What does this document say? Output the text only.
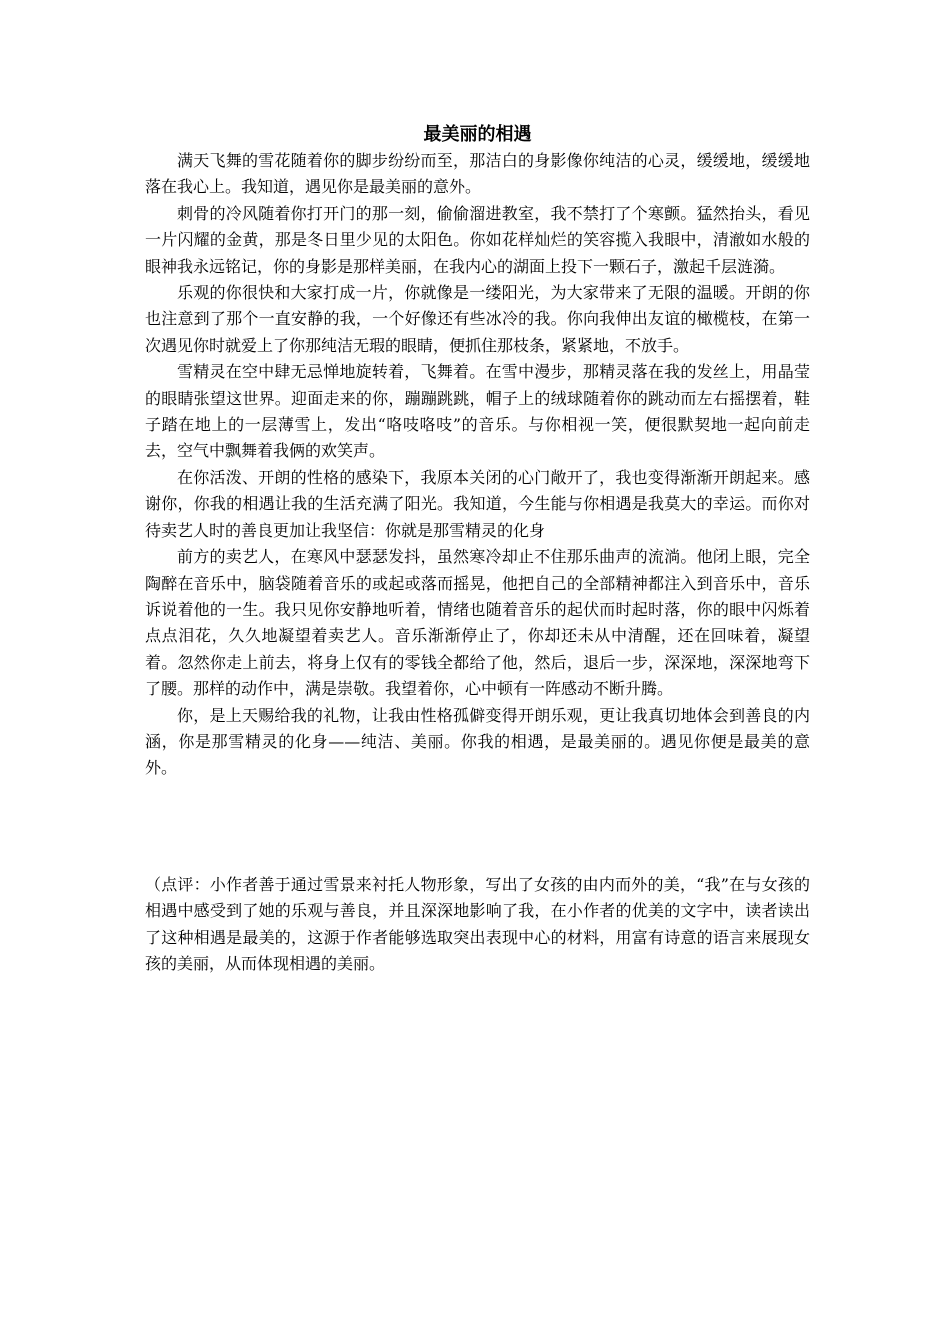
最美丽的相遇

满天飞舞的雪花随着你的脚步纷纷而至，那洁白的身影像你纯洁的心灵，缓缓地，缓缓地落在我心上。我知道，遇见你是最美丽的意外。

刺骨的冷风随着你打开门的那一刻，偷偷溜进教室，我不禁打了个寒颤。猛然抬头，看见一片闪耀的金黄，那是冬日里少见的太阳色。你如花样灿烂的笑容揽入我眼中，清澈如水般的眼神我永远铭记，你的身影是那样美丽，在我内心的湖面上投下一颗石子，激起千层涟漪。

乐观的你很快和大家打成一片，你就像是一缕阳光，为大家带来了无限的温暖。开朗的你也注意到了那个一直安静的我，一个好像还有些冰冷的我。你向我伸出友谊的橄榄枝，在第一次遇见你时就爱上了你那纯洁无瑕的眼睛，便抓住那枝条，紧紧地，不放手。

雪精灵在空中肆无忌惮地旋转着，飞舞着。在雪中漫步，那精灵落在我的发丝上，用晶莹的眼睛张望这世界。迎面走来的你，蹦蹦跳跳，帽子上的绒球随着你的跳动而左右摇摆着，鞋子踏在地上的一层薄雪上，发出“咯吱咯吱”的音乐。与你相视一笑，便很默契地一起向前走去，空气中飘舞着我俩的欢笑声。

在你活泼、开朗的性格的感染下，我原本关闭的心门敞开了，我也变得渐渐开朗起来。感谢你，你我的相遇让我的生活充满了阳光。我知道，今生能与你相遇是我莫大的幸运。而你对待卖艺人时的善良更加让我坚信：你就是那雪精灵的化身

前方的卖艺人，在寒风中瑟瑟发抖，虽然寒冷却止不住那乐曲声的流淌。他闭上眼，完全陶醉在音乐中，脑袋随着音乐的或起或落而摇晃，他把自己的全部精神都注入到音乐中，音乐诉说着他的一生。我只见你安静地听着，情绪也随着音乐的起伏而时起时落，你的眼中闪烁着点点泪花，久久地凝望着卖艺人。音乐渐渐停止了，你却还未从中清醒，还在回味着，凝望着。忽然你走上前去，将身上仅有的零钱全都给了他，然后，退后一步，深深地，深深地弯下了腰。那样的动作中，满是崇敬。我望着你，心中顿有一阵感动不断升腾。

你，是上天赐给我的礼物，让我由性格孤僻变得开朗乐观，更让我真切地体会到善良的内涵，你是那雪精灵的化身——纯洁、美丽。你我的相遇，是最美丽的。遇见你便是最美的意外。

（点评：小作者善于通过雪景来衬托人物形象，写出了女孩的由内而外的美，“我”在与女孩的相遇中感受到了她的乐观与善良，并且深深地影响了我，在小作者的优美的文字中，读者读出了这种相遇是最美的，这源于作者能够选取突出表现中心的材料，用富有诗意的语言来展现女孩的美丽，从而体现相遇的美丽。
